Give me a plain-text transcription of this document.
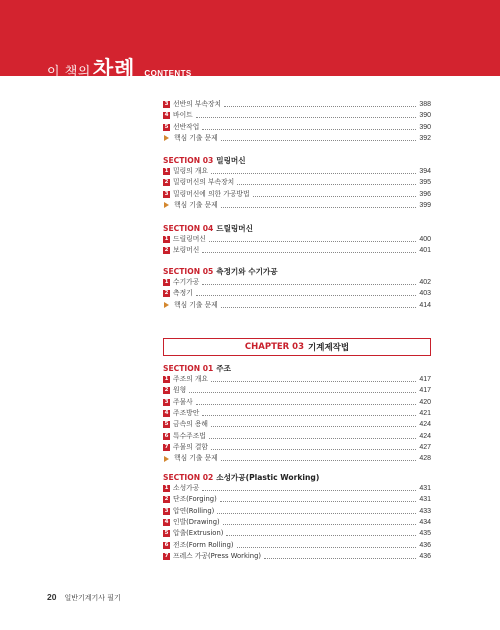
이 책의 차례 CONTENTS
CHAPTER 03 기계제작법
3 선반의 부속장치	388
4 바이트	390
5 선반작업	390
핵심 기출 문제	392
SECTION 03 밀링머신
1 밀링의 개요	394
2 밀링머신의 부속장치	395
3 밀링머신에 의한 가공방법	396
핵심 기출 문제	399
SECTION 04 드릴링머신
1 드릴링머신	400
2 보링머신	401
SECTION 05 측정기와 수기가공
1 수기가공	402
2 측정기	403
핵심 기출 문제	414
SECTION 01 주조
1 주조의 개요	417
2 원형	417
3 주물사	420
4 주조방안	421
5 금속의 용해	424
6 특수주조법	424
7 주물의 결함	427
핵심 기출 문제	428
SECTION 02 소성가공(Plastic Working)
1 소성가공	431
2 단조(Forging)	431
3 압연(Rolling)	433
4 인발(Drawing)	434
5 압출(Extrusion)	435
6 전조(Form Rolling)	436
7 프레스 가공(Press Working)	436
20 일반기계기사 필기
